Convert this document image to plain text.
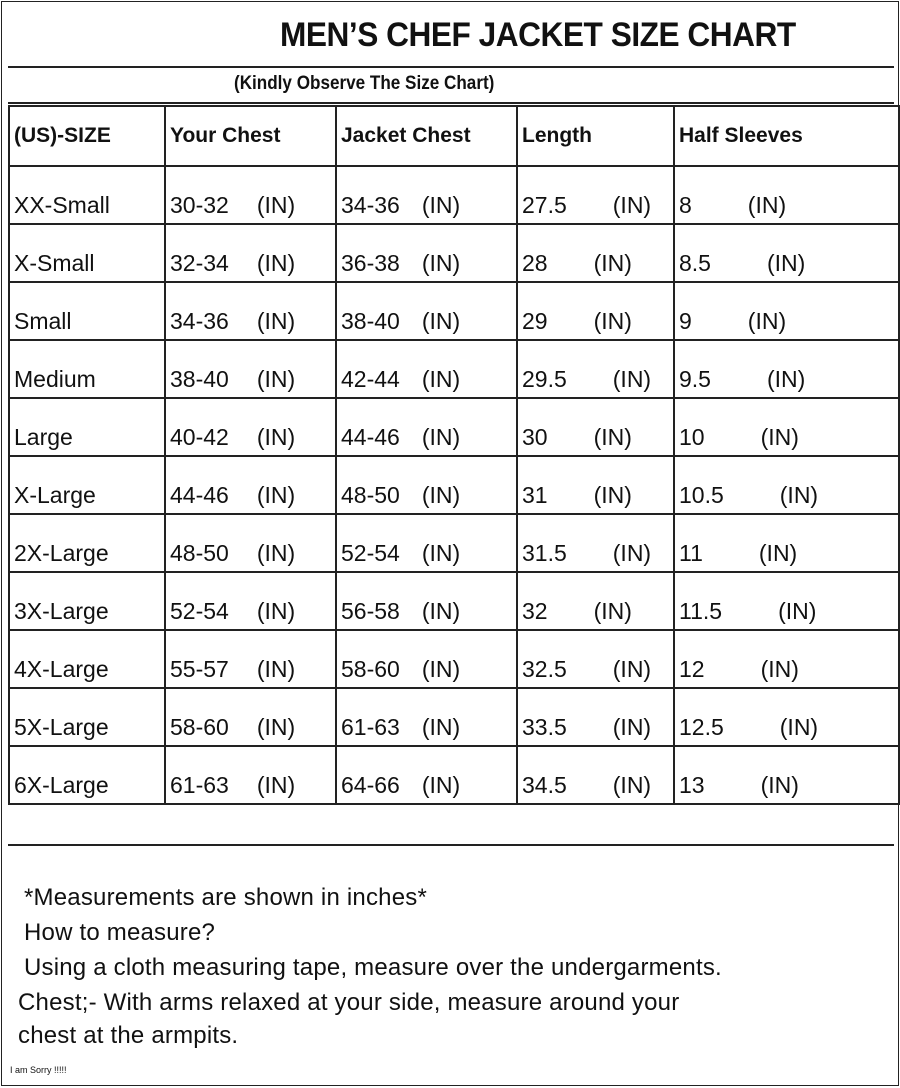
MEN’S CHEF JACKET SIZE CHART
(Kindly Observe The Size Chart)
(US)-SIZE	Your Chest	Jacket Chest	Length	Half Sleeves
XX-Small	30-32 (IN)	34-36 (IN)	27.5 (IN)	8 (IN)
X-Small	32-34 (IN)	36-38 (IN)	28 (IN)	8.5 (IN)
Small	34-36 (IN)	38-40 (IN)	29 (IN)	9 (IN)
Medium	38-40 (IN)	42-44 (IN)	29.5 (IN)	9.5 (IN)
Large	40-42 (IN)	44-46 (IN)	30 (IN)	10 (IN)
X-Large	44-46 (IN)	48-50 (IN)	31 (IN)	10.5 (IN)
2X-Large	48-50 (IN)	52-54 (IN)	31.5 (IN)	11 (IN)
3X-Large	52-54 (IN)	56-58 (IN)	32 (IN)	11.5 (IN)
4X-Large	55-57 (IN)	58-60 (IN)	32.5 (IN)	12 (IN)
5X-Large	58-60 (IN)	61-63 (IN)	33.5 (IN)	12.5 (IN)
6X-Large	61-63 (IN)	64-66 (IN)	34.5 (IN)	13 (IN)
*Measurements are shown in inches*
How to measure?
Using a cloth measuring tape, measure over the undergarments.
Chest;- With arms relaxed at your side, measure around your
chest at the armpits.
I am Sorry !!!!!
